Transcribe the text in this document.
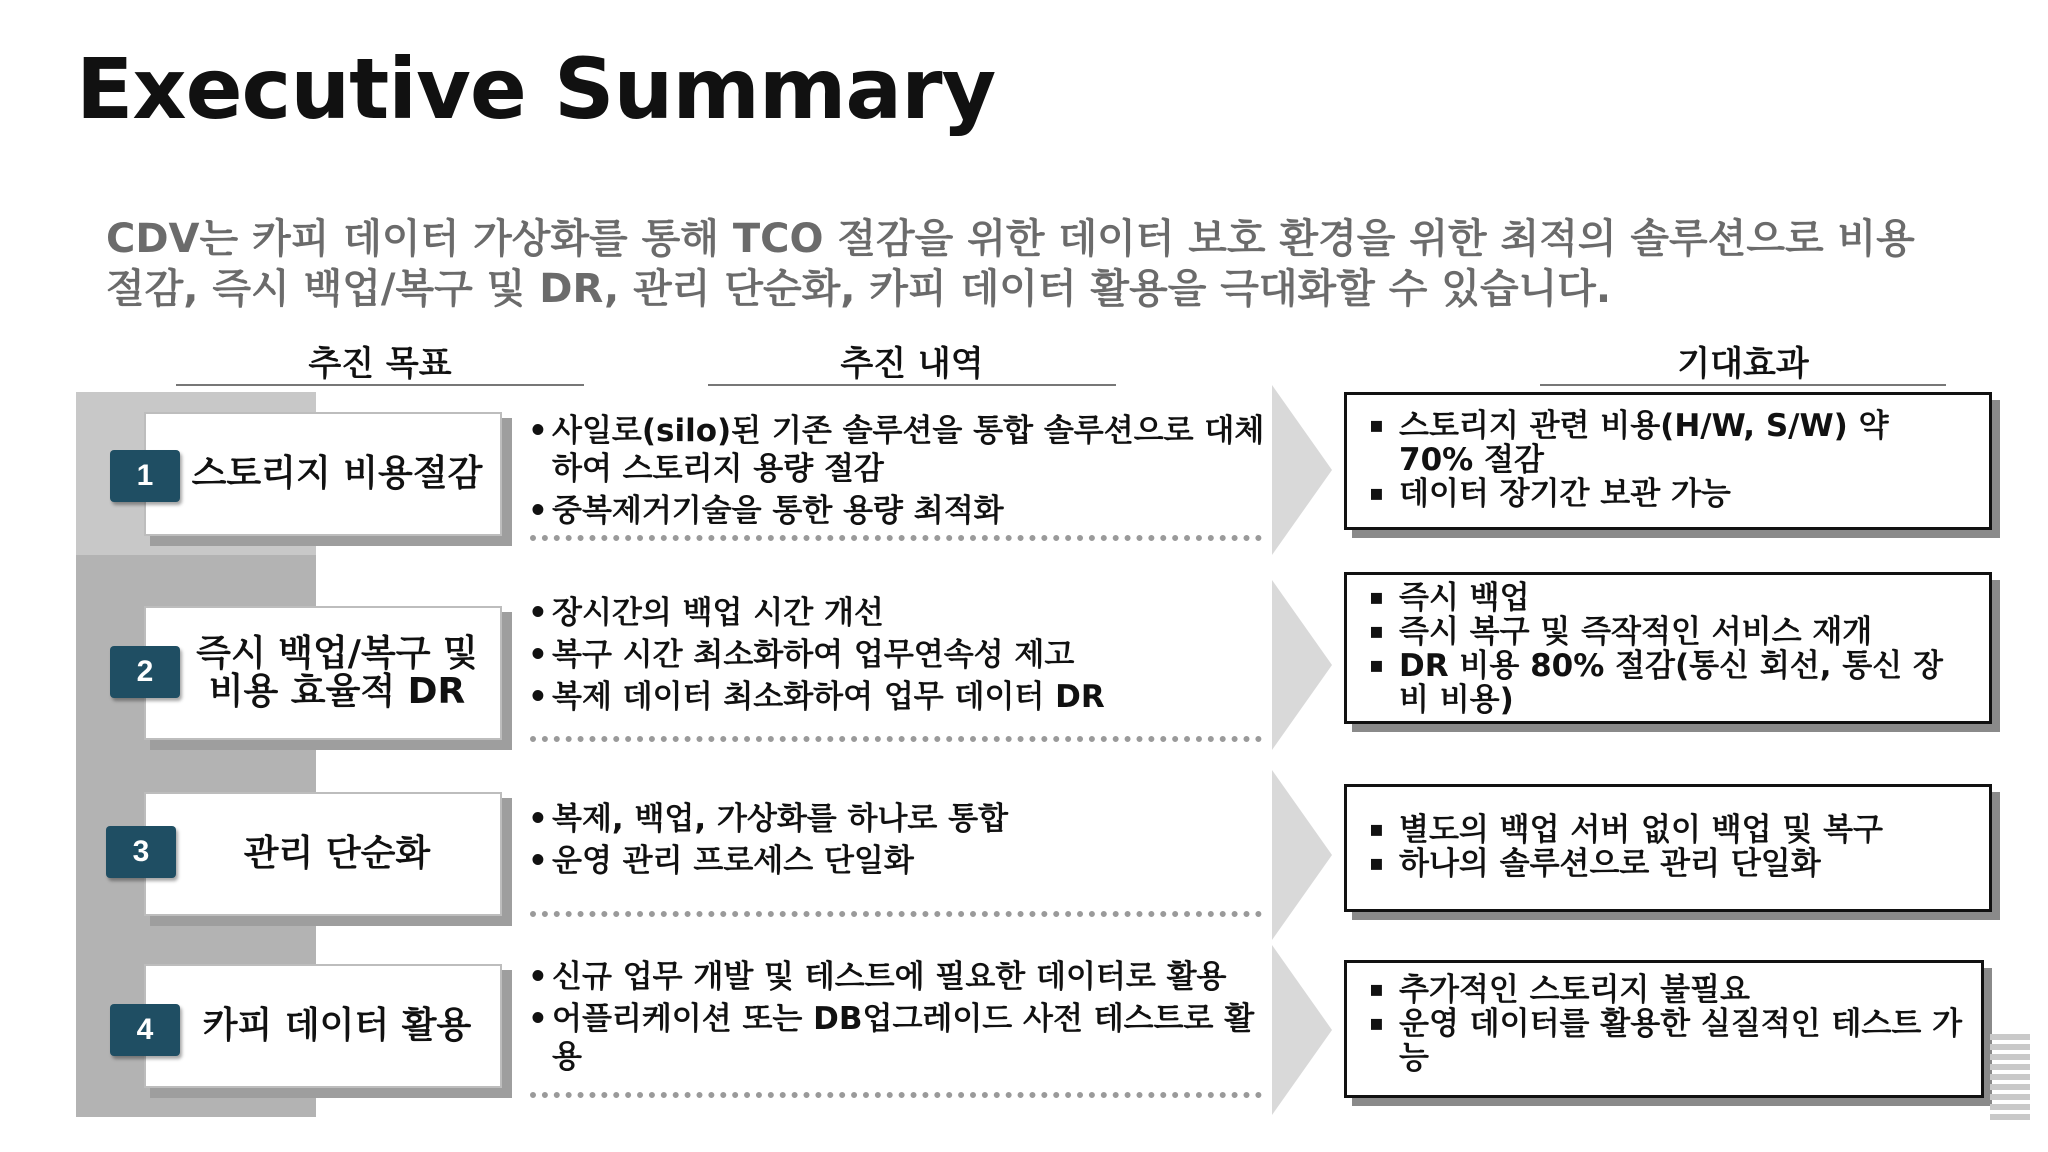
Executive Summary
CDV는 카피 데이터 가상화를 통해 TCO 절감을 위한 데이터 보호 환경을 위한 최적의 솔루션으로 비용
절감, 즉시 백업/복구 및 DR, 관리 단순화, 카피 데이터 활용을 극대화할 수 있습니다.
추진 목표	추진 내역	기대효과
스토리지 비용절감
1
• 사일로(silo)된 기존 솔루션을 통합 솔루션으로 대체하여 스토리지 용량 절감
• 중복제거기술을 통한 용량 최적화
▪ 스토리지 관련 비용(H/W, S/W) 약 70% 절감
▪ 데이터 장기간 보관 가능
즉시 백업/복구 및
비용 효율적 DR
2
• 장시간의 백업 시간 개선
• 복구 시간 최소화하여 업무연속성 제고
• 복제 데이터 최소화하여 업무 데이터 DR
▪ 즉시 백업
▪ 즉시 복구 및 즉작적인 서비스 재개
▪ DR 비용 80% 절감(통신 회선, 통신 장비 비용)
관리 단순화
3
• 복제, 백업, 가상화를 하나로 통합
• 운영 관리 프로세스 단일화
▪ 별도의 백업 서버 없이 백업 및 복구
▪ 하나의 솔루션으로 관리 단일화
카피 데이터 활용
4
• 신규 업무 개발 및 테스트에 필요한 데이터로 활용
• 어플리케이션 또는 DB업그레이드 사전 테스트로 활용
▪ 추가적인 스토리지 불필요
▪ 운영 데이터를 활용한 실질적인 테스트 가능
